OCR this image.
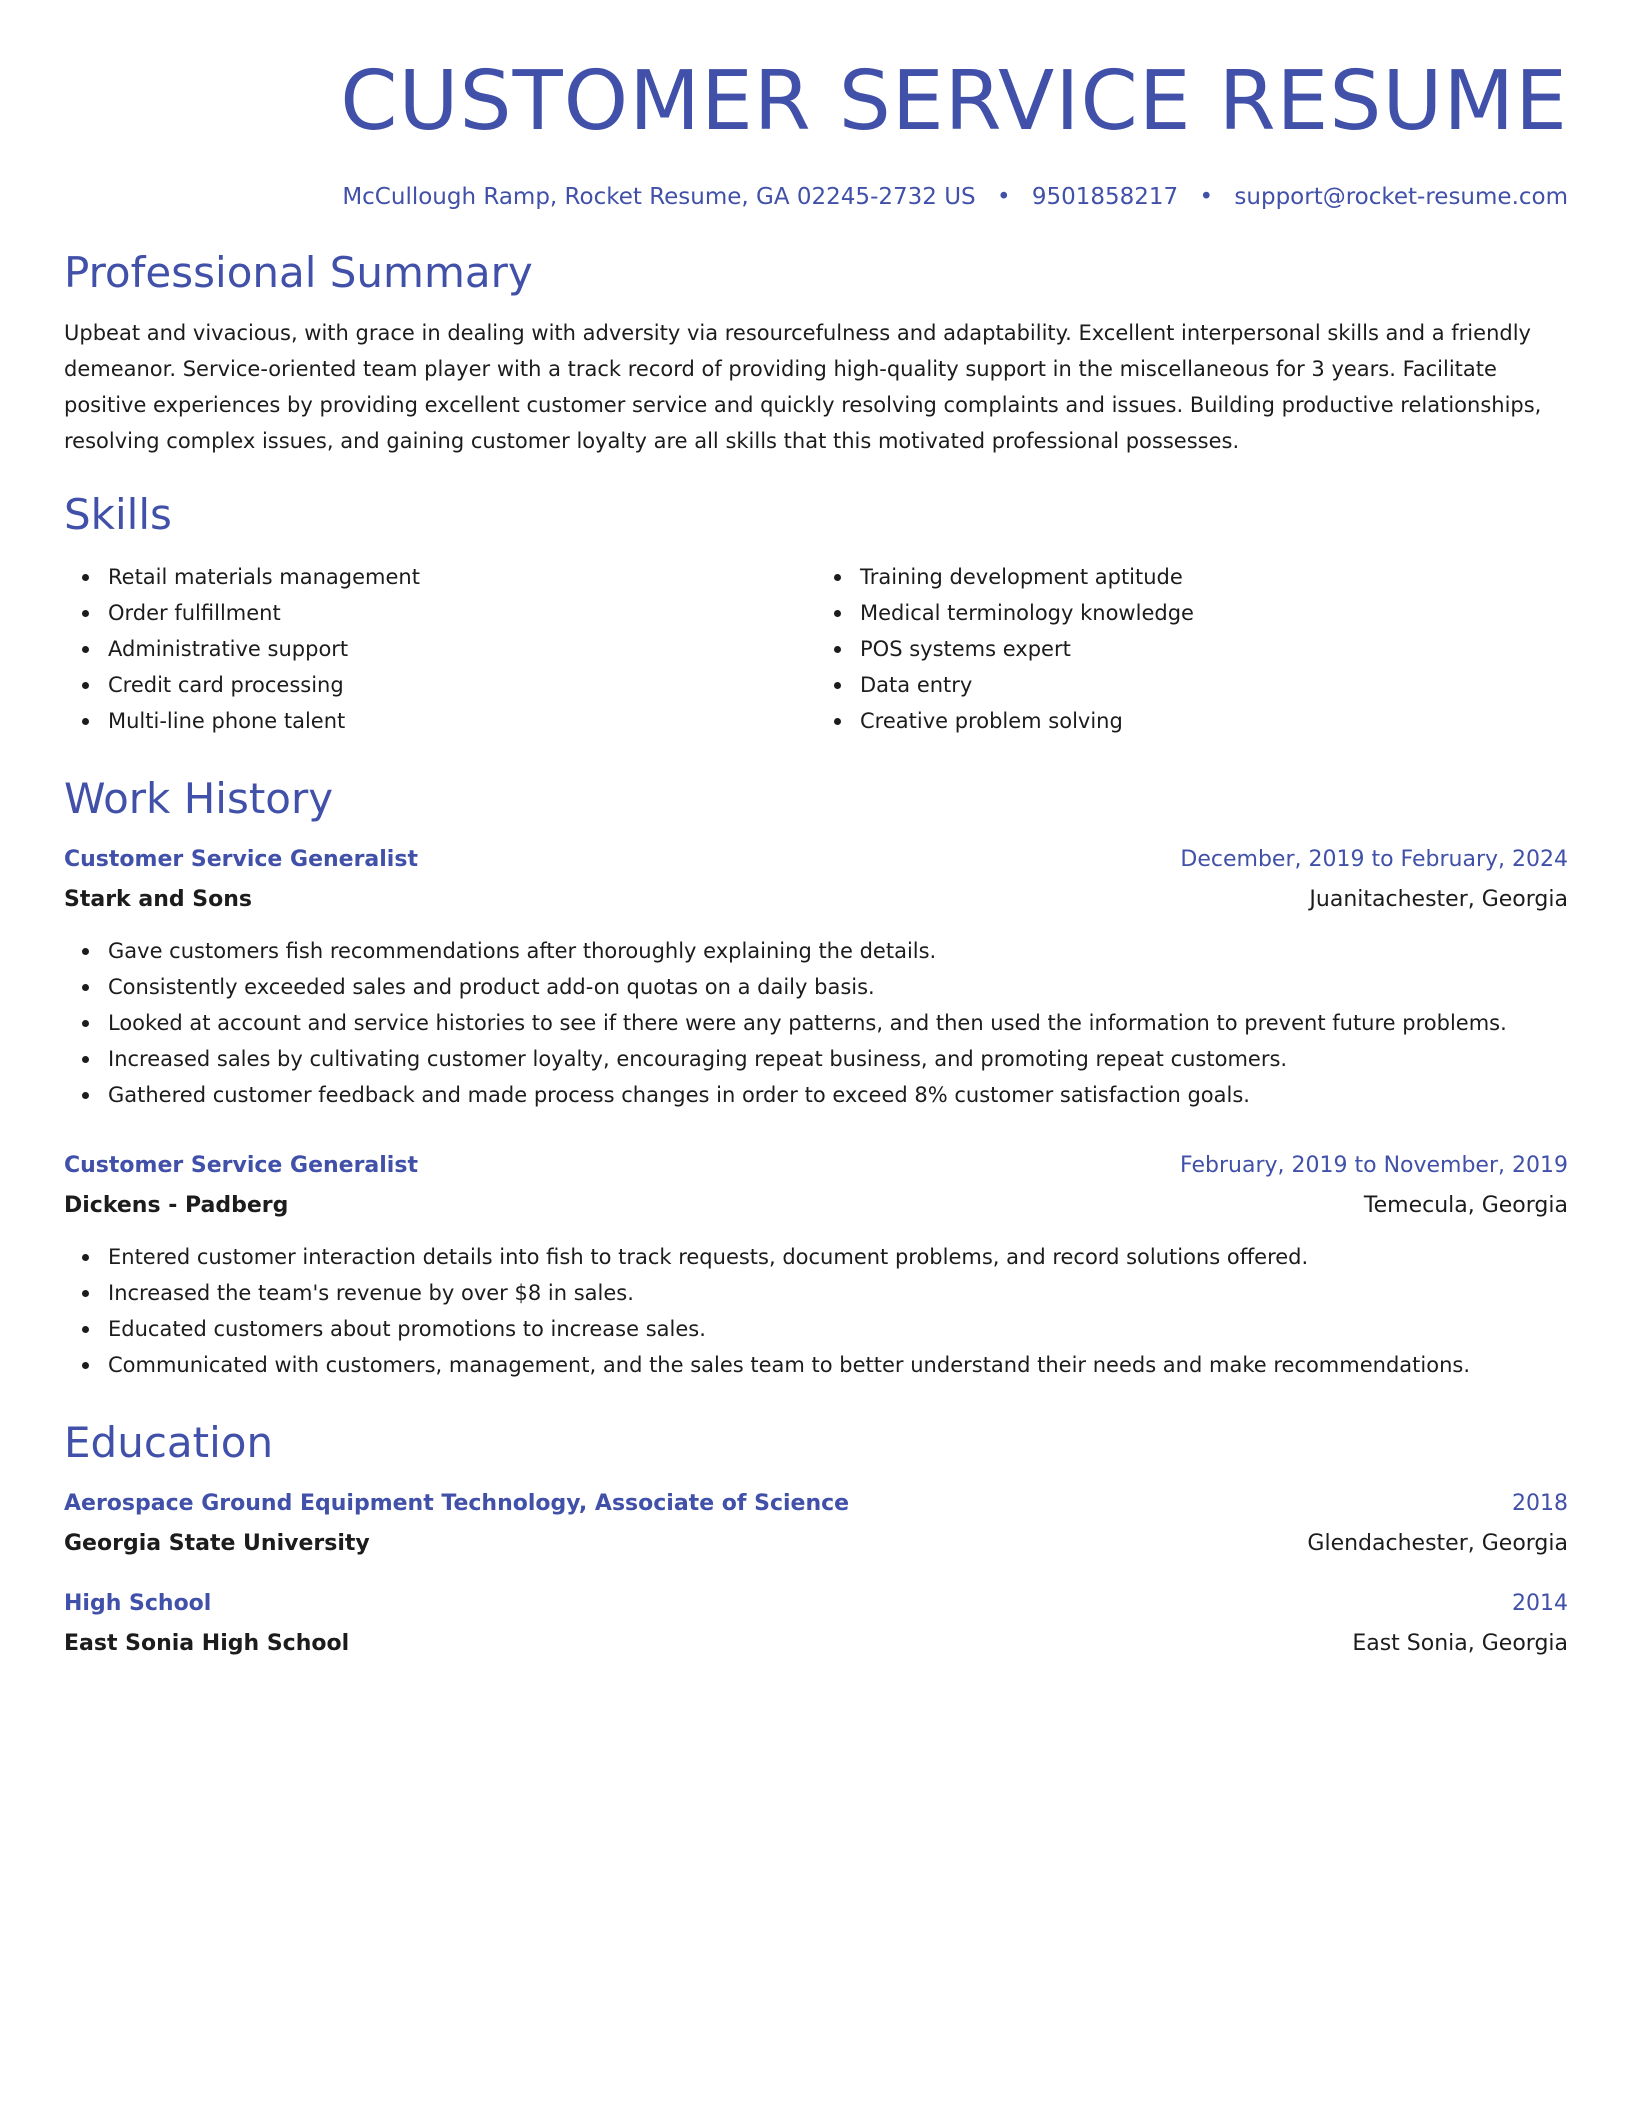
CUSTOMER SERVICE RESUME
McCullough Ramp, Rocket Resume, GA 02245-2732 US • 9501858217 • support@rocket-resume.com
Professional Summary

Upbeat and vivacious, with grace in dealing with adversity via resourcefulness and adaptability. Excellent interpersonal skills and a friendly demeanor. Service-oriented team player with a track record of providing high-quality support in the miscellaneous for 3 years. Facilitate positive experiences by providing excellent customer service and quickly resolving complaints and issues. Building productive relationships, resolving complex issues, and gaining customer loyalty are all skills that this motivated professional possesses.

Skills
Retail materials management
Order fulfillment
Administrative support
Credit card processing
Multi-line phone talent
Training development aptitude
Medical terminology knowledge
POS systems expert
Data entry
Creative problem solving
Work History
Customer Service Generalist	December, 2019 to February, 2024
Stark and Sons	Juanitachester, Georgia
Gave customers fish recommendations after thoroughly explaining the details.
Consistently exceeded sales and product add-on quotas on a daily basis.
Looked at account and service histories to see if there were any patterns, and then used the information to prevent future problems.
Increased sales by cultivating customer loyalty, encouraging repeat business, and promoting repeat customers.
Gathered customer feedback and made process changes in order to exceed 8% customer satisfaction goals.
Customer Service Generalist	February, 2019 to November, 2019
Dickens - Padberg	Temecula, Georgia
Entered customer interaction details into fish to track requests, document problems, and record solutions offered.
Increased the team's revenue by over $8 in sales.
Educated customers about promotions to increase sales.
Communicated with customers, management, and the sales team to better understand their needs and make recommendations.
Education
Aerospace Ground Equipment Technology, Associate of Science	2018
Georgia State University	Glendachester, Georgia
High School	2014
East Sonia High School	East Sonia, Georgia
